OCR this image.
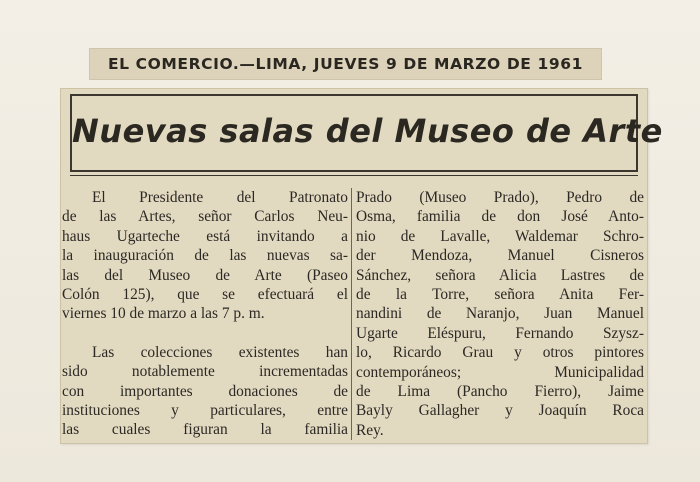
EL COMERCIO.—LIMA, JUEVES 9 DE MARZO DE 1961
Nuevas salas del Museo de Arte
El Presidente del Patronato
de las Artes, señor Carlos Neu-
haus Ugarteche está invitando a
la inauguración de las nuevas sa-
las del Museo de Arte (Paseo
Colón 125), que se efectuará el
viernes 10 de marzo a las 7 p. m.
Las colecciones existentes han
sido notablemente incrementadas
con importantes donaciones de
instituciones y particulares, entre
las cuales figuran la familia
Prado (Museo Prado), Pedro de
Osma, familia de don José Anto-
nio de Lavalle, Waldemar Schro-
der Mendoza, Manuel Cisneros
Sánchez, señora Alicia Lastres de
de la Torre, señora Anita Fer-
nandini de Naranjo, Juan Manuel
Ugarte Eléspuru, Fernando Szysz-
lo, Ricardo Grau y otros pintores
contemporáneos; Municipalidad
de Lima (Pancho Fierro), Jaime
Bayly Gallagher y Joaquín Roca
Rey.
